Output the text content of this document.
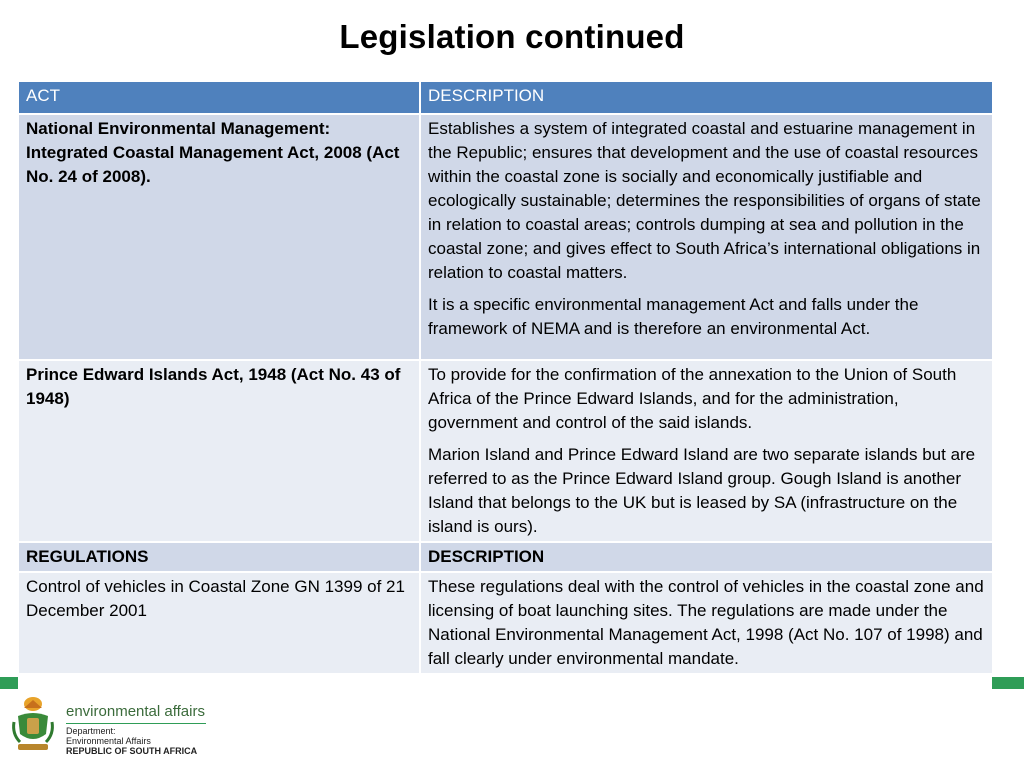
Legislation continued
ACT	DESCRIPTION
National Environmental Management: Integrated Coastal Management Act, 2008 (Act No. 24 of 2008).	Establishes a system of integrated coastal and estuarine management in the Republic; ensures that development and the use of coastal resources within the coastal zone is socially and economically justifiable and ecologically sustainable; determines the responsibilities of organs of state in relation to coastal areas; controls dumping at sea and pollution in the coastal zone; and gives effect to South Africa’s international obligations in relation to coastal matters.

It is a specific environmental management Act and falls under the framework of NEMA and is therefore an environmental Act.

Prince Edward Islands Act, 1948 (Act No. 43 of 1948)	To provide for the confirmation of the annexation to the Union of South Africa of the Prince Edward Islands, and for the administration, government and control of the said islands.

Marion Island and Prince Edward Island are two separate islands but are referred to as the Prince Edward Island group. Gough Island is another Island that belongs to the UK but is leased by SA (infrastructure on the island is ours).

REGULATIONS	DESCRIPTION
Control of vehicles in Coastal Zone GN 1399 of 21 December 2001	These regulations deal with the control of vehicles in the coastal zone and licensing of boat launching sites. The regulations are made under the National Environmental Management Act, 1998 (Act No. 107 of 1998) and fall clearly under environmental mandate.
environmental affairs
Department:
Environmental Affairs
REPUBLIC OF SOUTH AFRICA
